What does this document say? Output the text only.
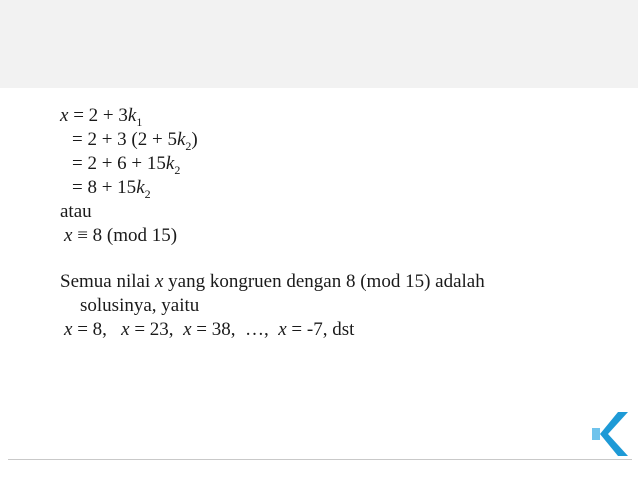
$x = 2 + 3k_1$
= 2 + 3 $(2 + 5k_2)$
= $2 + 6 + 15k_2$
= $8 + 15k_2$
atau
x ≡ 8 (mod 15)
Semua nilai x yang kongruen dengan 8 (mod 15) adalah
solusinya, yaitu
x = 8,   x = 23,  x = 38,  …,  x = -7, dst
